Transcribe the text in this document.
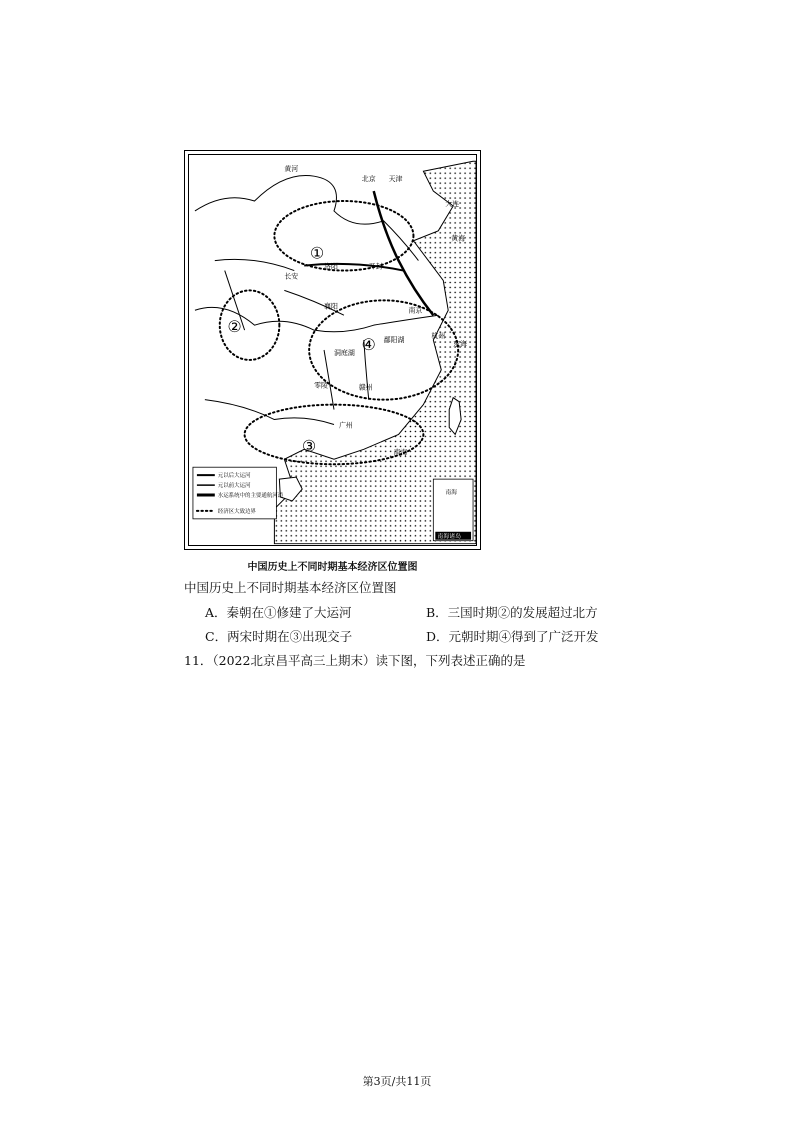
①
②
③
④
黄河
北京 天津
大连
黄海
长安
洛阳	开封
襄阳	南京
杭州
东海
鄱阳湖
洞庭湖
赣州
零陵
广州
南海
元以后大运河
元以前大运河
水运系统中的主要通航河道
经济区大致边界
南海
南海诸岛
中国历史上不同时期基本经济区位置图
中国历史上不同时期基本经济区位置图
A．秦朝在①修建了大运河	B．三国时期②的发展超过北方
C．两宋时期在③出现交子	D．元朝时期④得到了广泛开发
11．（2022北京昌平高三上期末）读下图，下列表述正确的是
第3页/共11页
